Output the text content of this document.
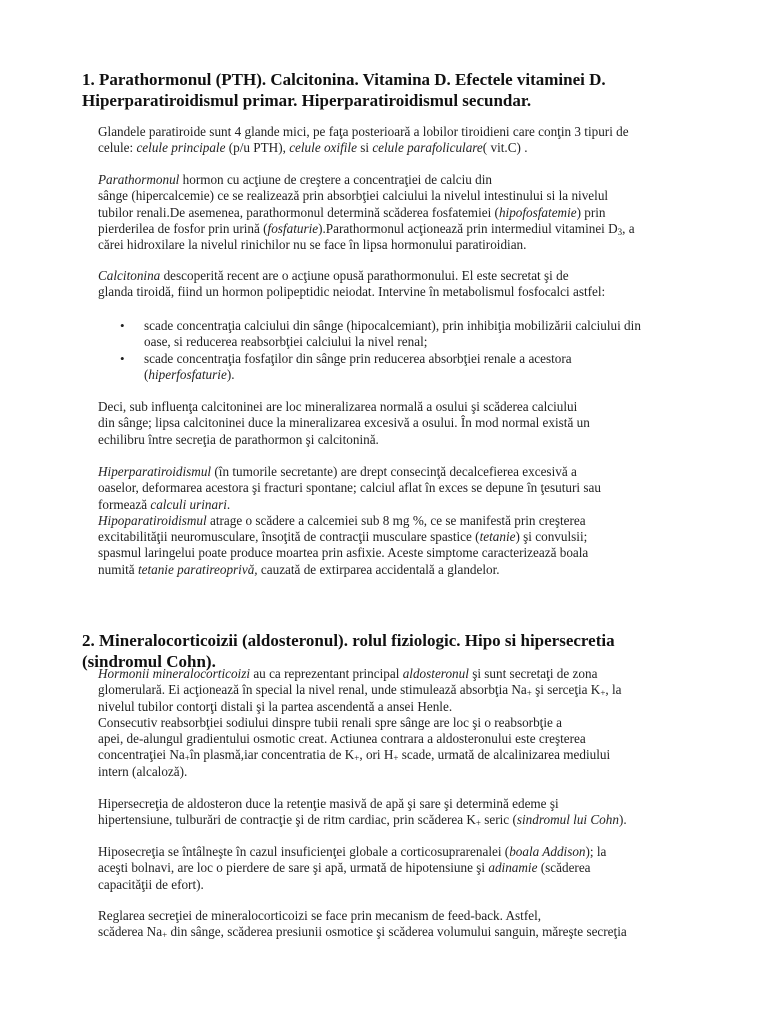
1. Parathormonul (PTH). Calcitonina. Vitamina D. Efectele vitaminei D.
Hiperparatiroidismul primar. Hiperparatiroidismul secundar.

Glandele paratiroide sunt 4 glande mici, pe faţa posterioară a lobilor tiroidieni care conţin 3 tipuri de
celule: celule principale (p/u PTH), celule oxifile si celule parafoliculare( vit.C) .

Parathormonul hormon cu acţiune de creştere a concentraţiei de calciu din
sânge (hipercalcemie) ce se realizează prin absorbţiei calciului la nivelul intestinului si la nivelul
tubilor renali.De asemenea, parathormonul determină scăderea fosfatemiei (hipofosfatemie) prin
pierderilea de fosfor prin urină (fosfaturie).Parathormonul acţionează prin intermediul vitaminei $D_3$, a
cărei hidroxilare la nivelul rinichilor nu se face în lipsa hormonului paratiroidian.

Calcitonina descoperită recent are o acţiune opusă parathormonului. El este secretat şi de
glanda tiroidă, fiind un hormon polipeptidic neiodat. Intervine în metabolismul fosfocalci astfel:

• scade concentraţia calciului din sânge (hipocalcemiant), prin inhibiţia mobilizării calciului din
oase, si reducerea reabsorbţiei calciului la nivel renal;
• scade concentraţia fosfaţilor din sânge prin reducerea absorbţiei renale a acestora
(hiperfosfaturie).

Deci, sub influenţa calcitoninei are loc mineralizarea normală a osului şi scăderea calciului
din sânge; lipsa calcitoninei duce la mineralizarea excesivă a osului. În mod normal există un
echilibru între secreţia de parathormon şi calcitonină.

Hiperparatiroidismul (în tumorile secretante) are drept consecinţă decalcefierea excesivă a
oaselor, deformarea acestora şi fracturi spontane; calciul aflat în exces se depune în ţesuturi sau
formează calculi urinari.
Hipoparatiroidismul atrage o scădere a calcemiei sub 8 mg %, ce se manifestă prin creşterea
excitabilităţii neuromusculare, însoţită de contracţii musculare spastice (tetanie) şi convulsii;
spasmul laringelui poate produce moartea prin asfixie. Aceste simptome caracterizează boala
numită tetanie paratireoprivă, cauzată de extirparea accidentală a glandelor.

2. Mineralocorticoizii (aldosteronul). rolul fiziologic. Hipo si hipersecretia
(sindromul Cohn).

Hormonii mineralocorticoizi au ca reprezentant principal aldosteronul şi sunt secretaţi de zona
glomerulară. Ei acţionează în special la nivel renal, unde stimulează absorbţia $Na_+$ şi serceţia $K_+$, la
nivelul tubilor contorţi distali şi la partea ascendentă a ansei Henle.
Consecutiv reabsorbţiei sodiului dinspre tubii renali spre sânge are loc şi o reabsorbţie a
apei, de-alungul gradientului osmotic creat. Actiunea contrara a aldosteronului este creşterea
concentraţiei $Na_+în$ plasmă,iar concentratia de $K_+$, ori $H_+$ scade, urmată de alcalinizarea mediului
intern (alcaloză).

Hipersecreţia de aldosteron duce la retenţie masivă de apă şi sare şi determină edeme şi
hipertensiune, tulburări de contracţie şi de ritm cardiac, prin scăderea $K_+$ seric (sindromul lui Cohn).

Hiposecreţia se întâlneşte în cazul insuficienţei globale a corticosuprarenalei (boala Addison); la
aceşti bolnavi, are loc o pierdere de sare şi apă, urmată de hipotensiune şi adinamie (scăderea
capacităţii de efort).

Reglarea secreţiei de mineralocorticoizi se face prin mecanism de feed-back. Astfel,
scăderea $Na_+$ din sânge, scăderea presiunii osmotice şi scăderea volumului sanguin, măreşte secreţia
